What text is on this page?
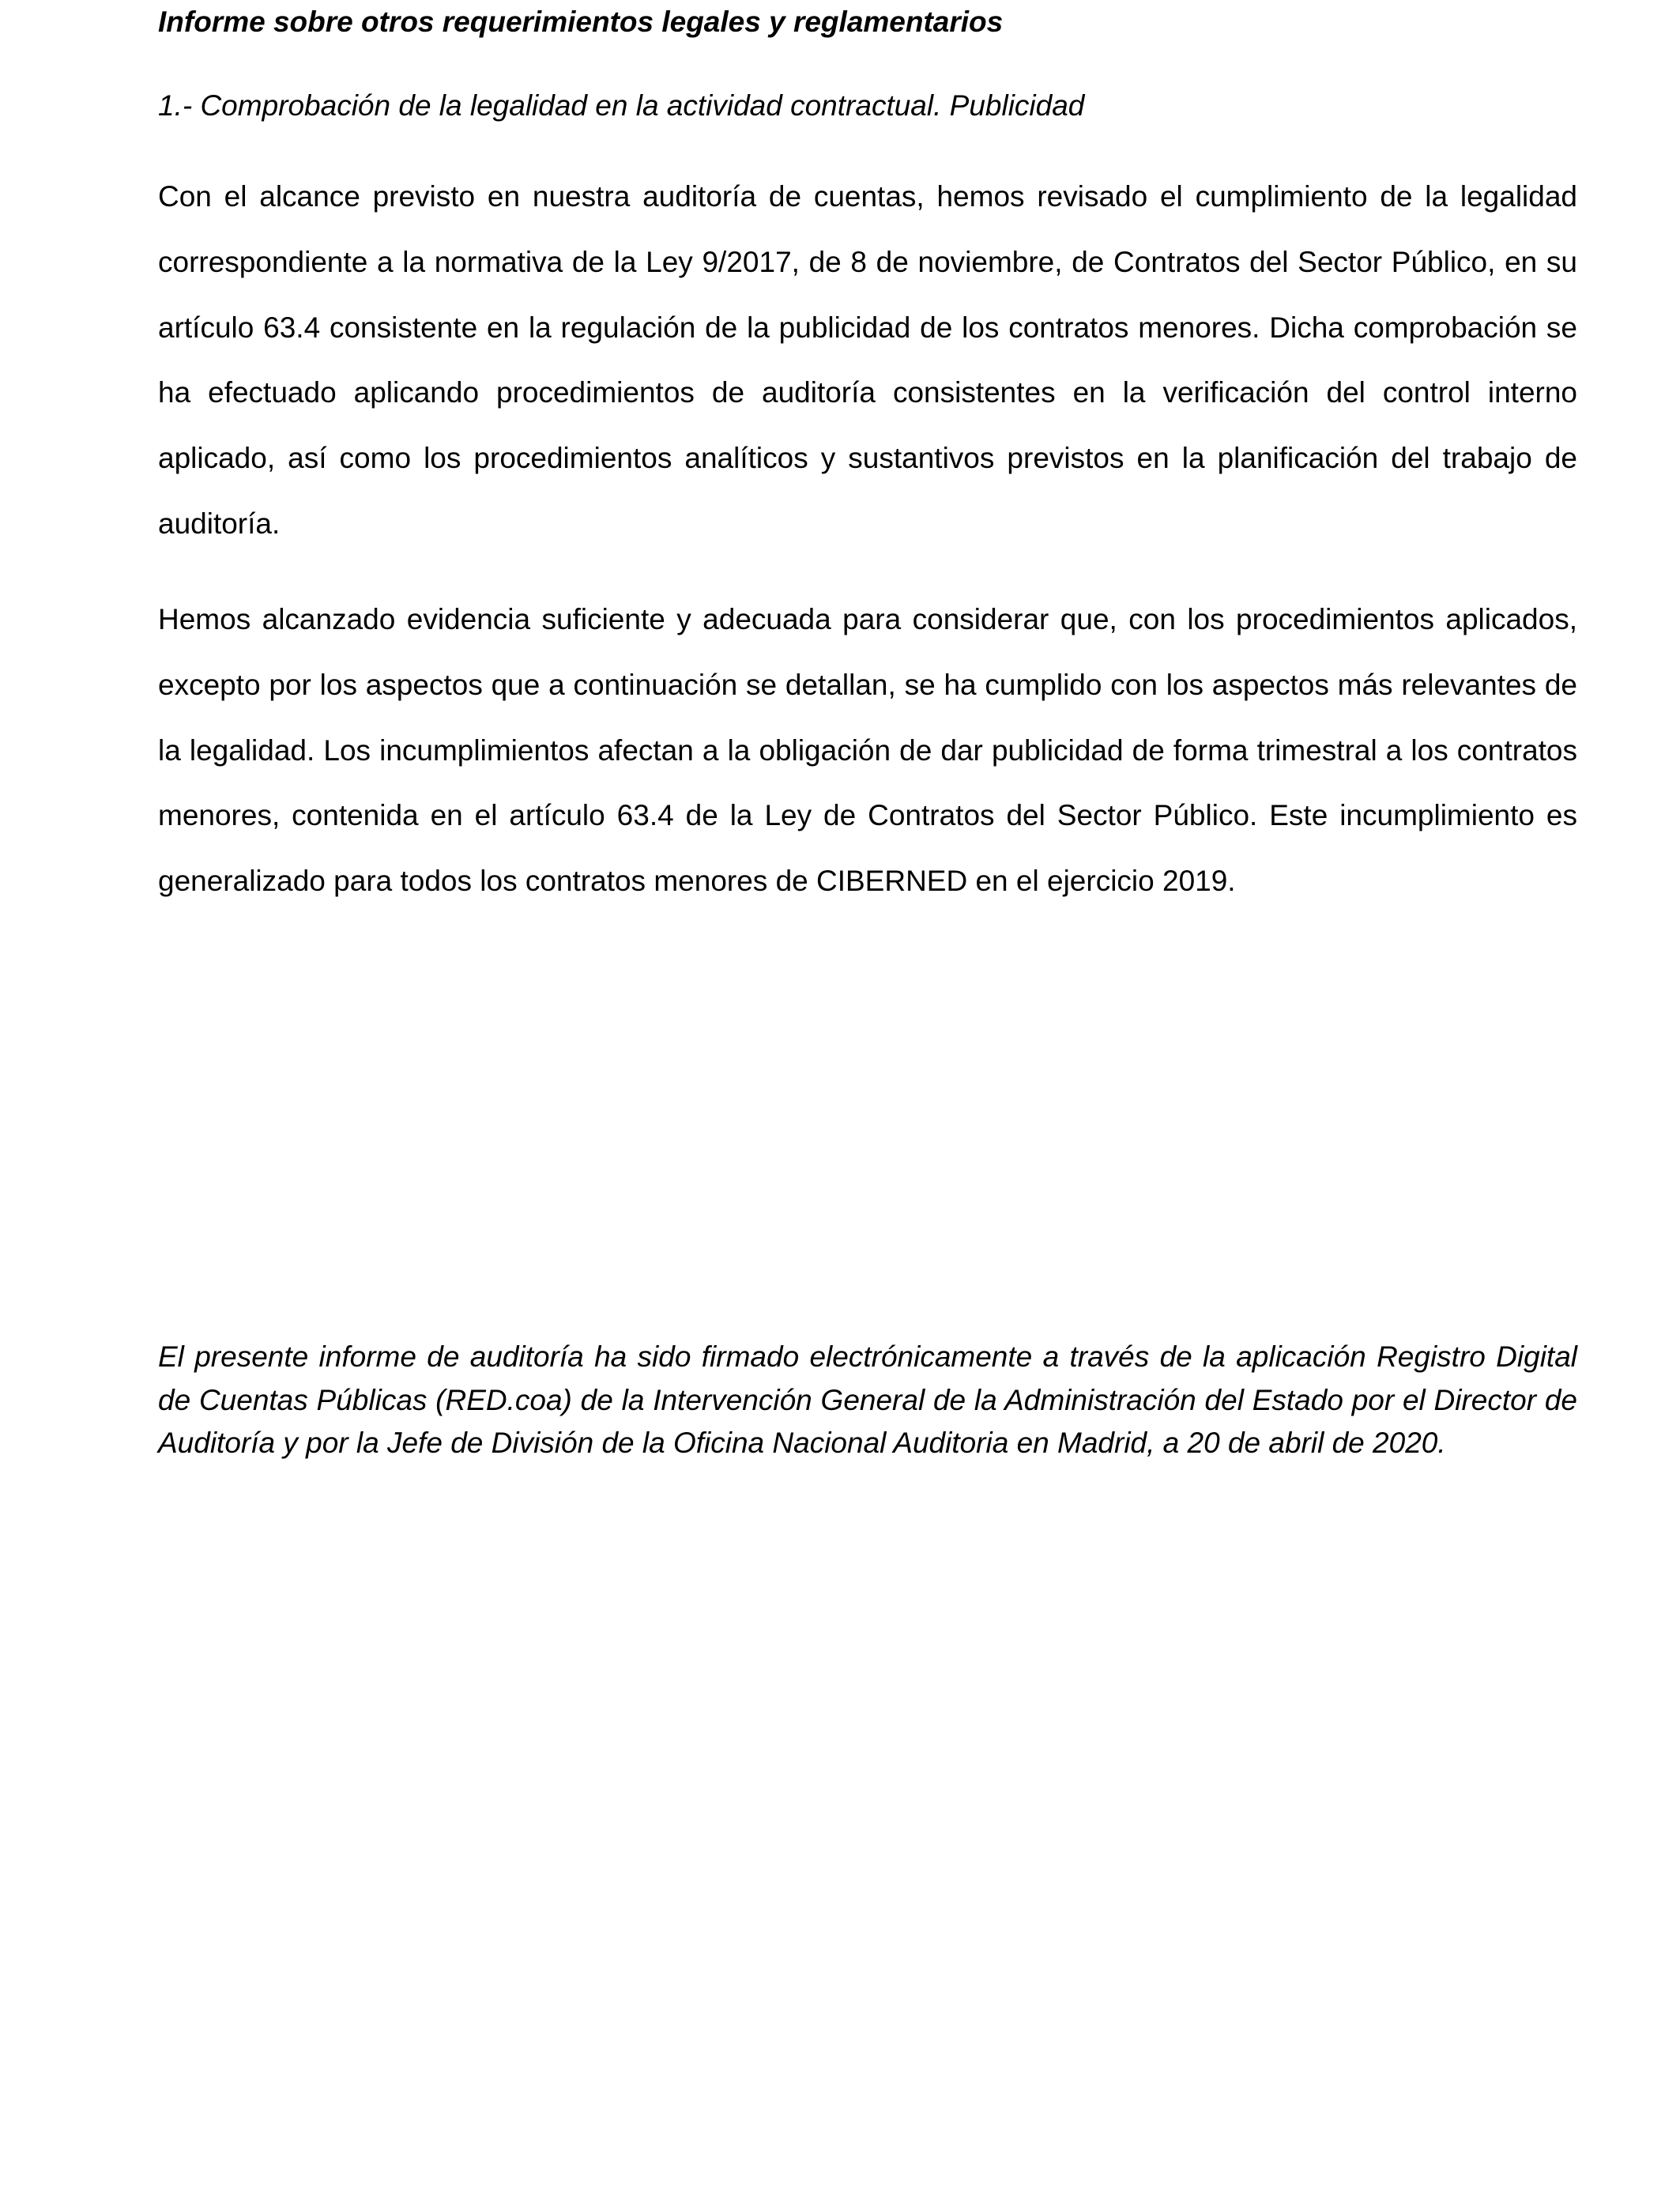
Informe sobre otros requerimientos legales y reglamentarios
1.- Comprobación de la legalidad en la actividad contractual. Publicidad

Con el alcance previsto en nuestra auditoría de cuentas, hemos revisado el cumplimiento de la legalidad correspondiente a la normativa de la Ley 9/2017, de 8 de noviembre, de Contratos del Sector Público, en su artículo 63.4 consistente en la regulación de la publicidad de los contratos menores. Dicha comprobación se ha efectuado aplicando procedimientos de auditoría consistentes en la verificación del control interno aplicado, así como los procedimientos analíticos y sustantivos previstos en la planificación del trabajo de auditoría.

Hemos alcanzado evidencia suficiente y adecuada para considerar que, con los procedimientos aplicados, excepto por los aspectos que a continuación se detallan, se ha cumplido con los aspectos más relevantes de la legalidad. Los incumplimientos afectan a la obligación de dar publicidad de forma trimestral a los contratos menores, contenida en el artículo 63.4 de la Ley de Contratos del Sector Público. Este incumplimiento es generalizado para todos los contratos menores de CIBERNED en el ejercicio 2019.

El presente informe de auditoría ha sido firmado electrónicamente a través de la aplicación Registro Digital de Cuentas Públicas (RED.coa) de la Intervención General de la Administración del Estado por el Director de Auditoría y por la Jefe de División de la Oficina Nacional Auditoria en Madrid, a 20 de abril de 2020.
